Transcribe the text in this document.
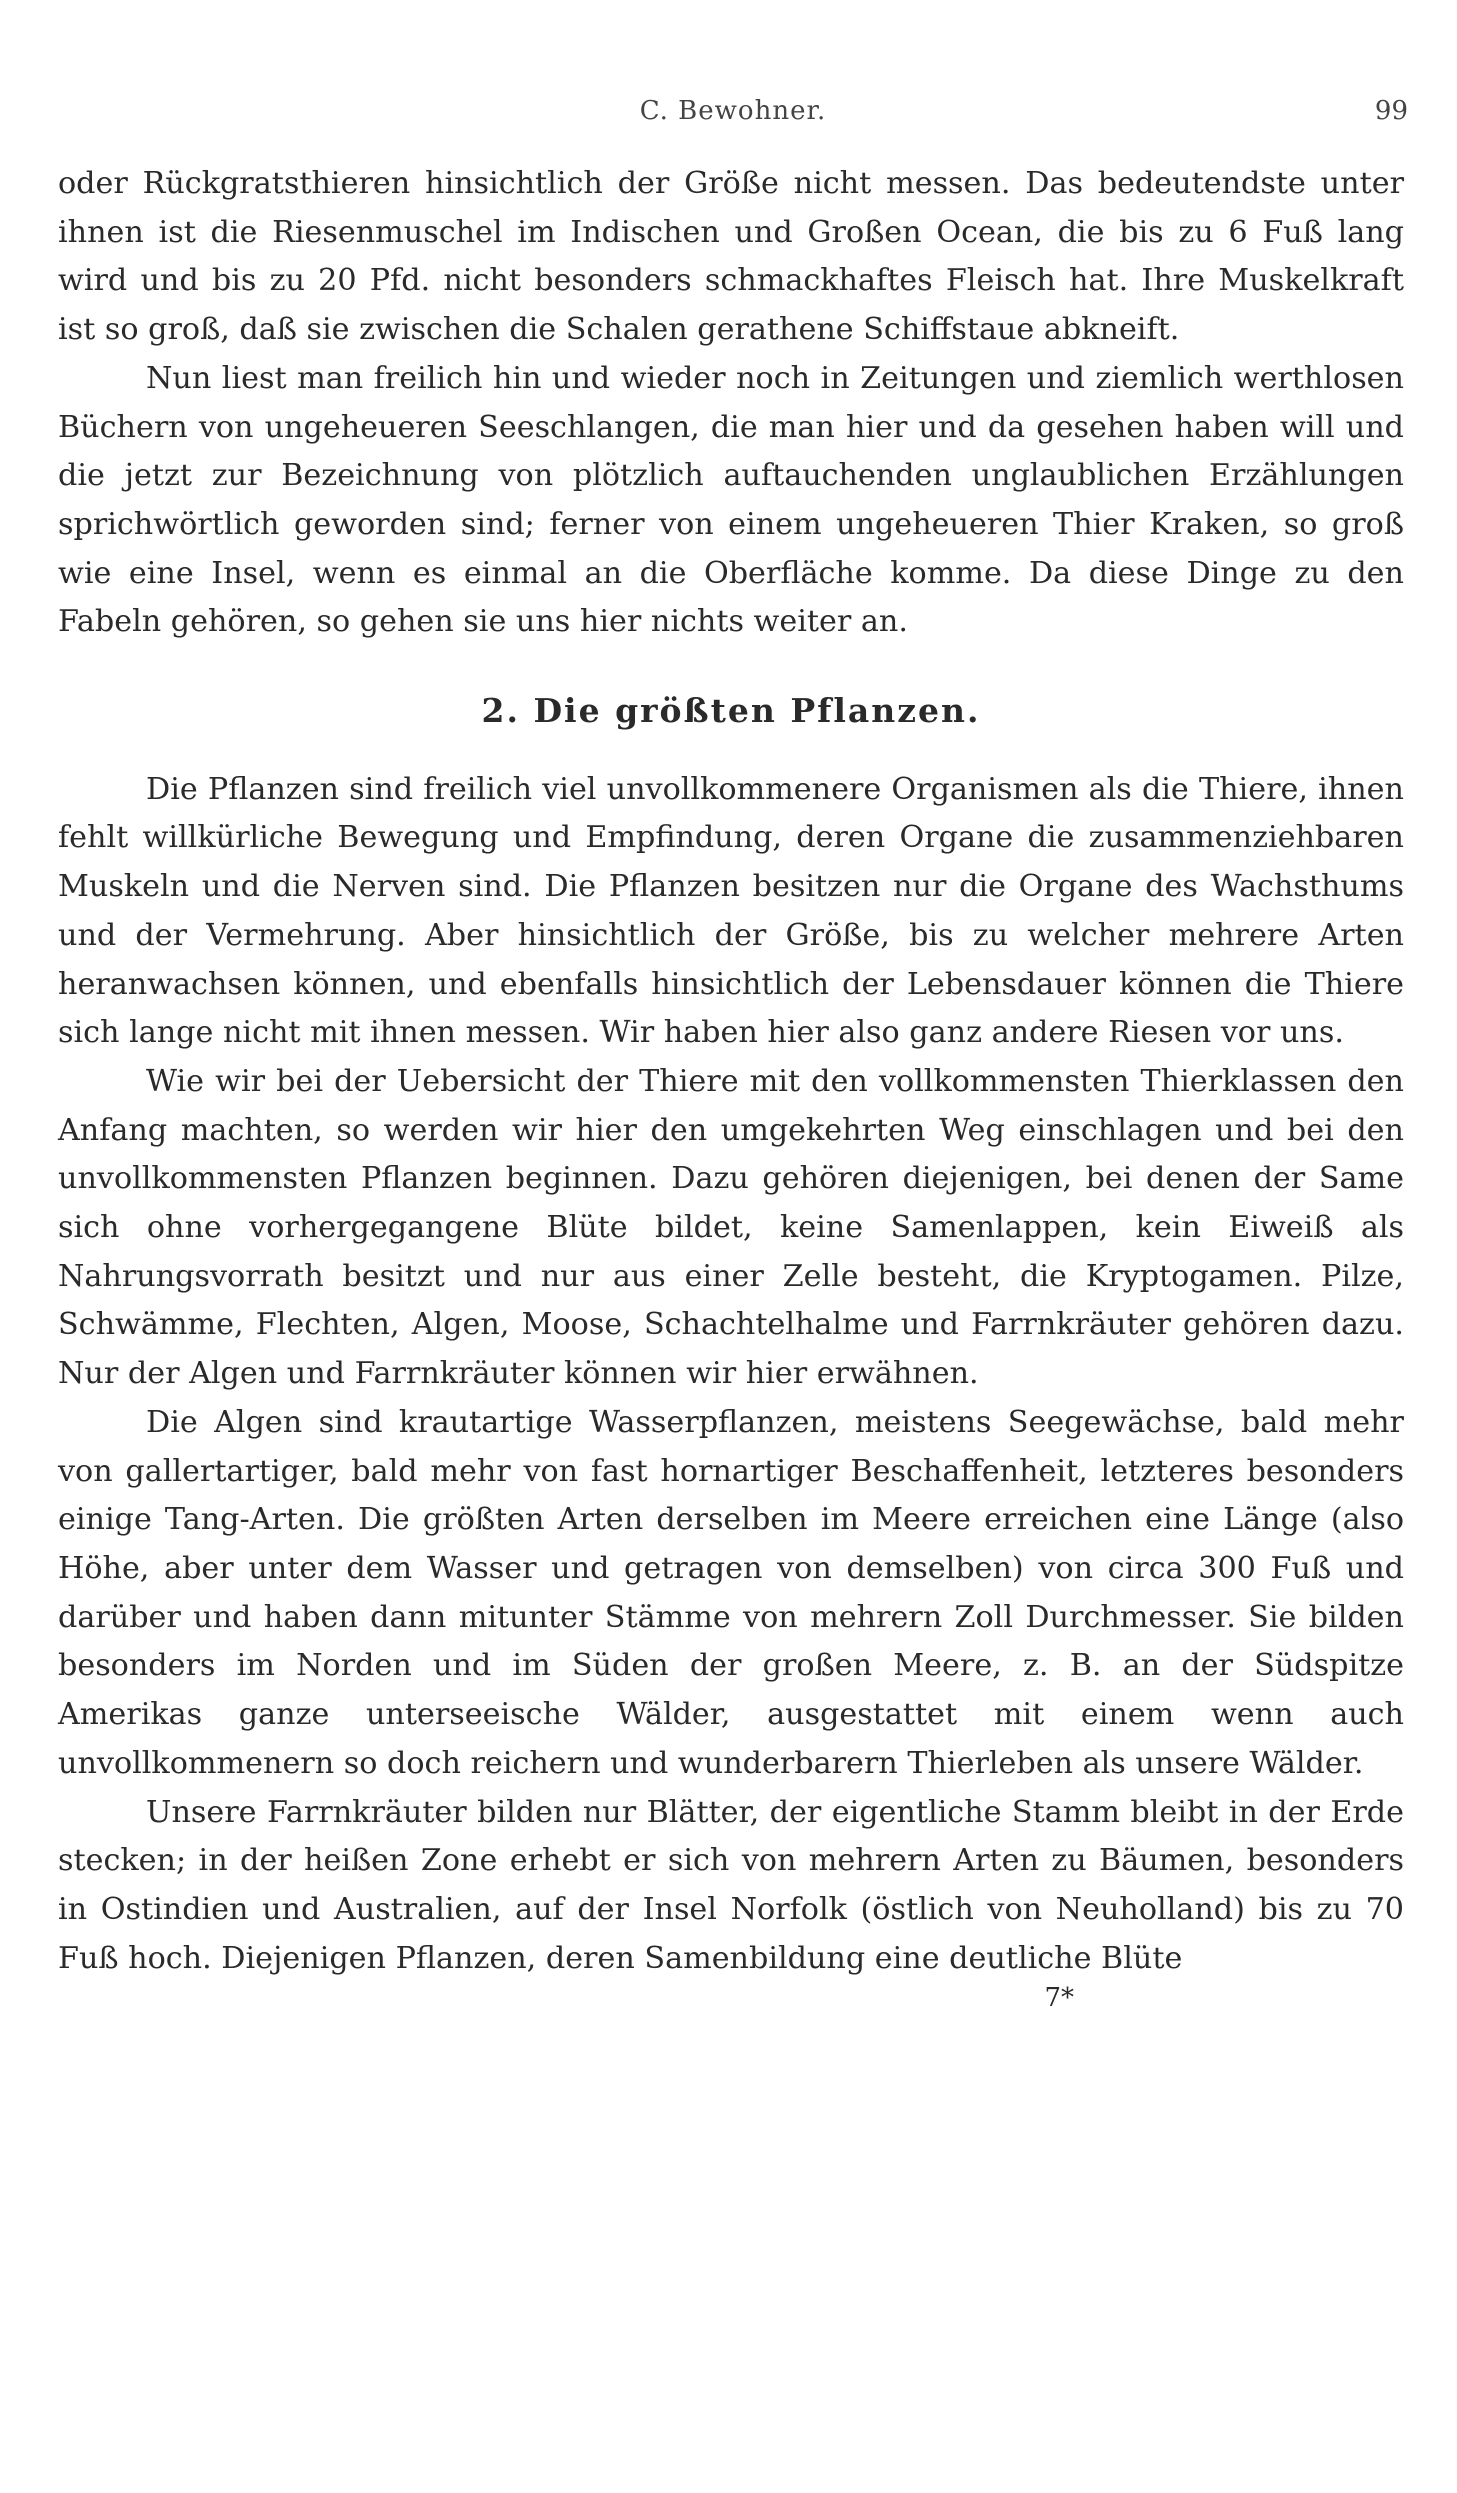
C. Bewohner.	99

oder Rückgratsthieren hinsichtlich der Größe nicht messen. Das bedeutendste unter ihnen ist die Riesenmuschel im Indischen und Großen Ocean, die bis zu 6 Fuß lang wird und bis zu 20 Pfd. nicht besonders schmackhaftes Fleisch hat. Ihre Muskelkraft ist so groß, daß sie zwischen die Schalen gerathene Schiffstaue abkneift.

Nun liest man freilich hin und wieder noch in Zeitungen und ziemlich werthlosen Büchern von ungeheueren Seeschlangen, die man hier und da gesehen haben will und die jetzt zur Bezeichnung von plötzlich auftauchenden unglaublichen Erzählungen sprichwörtlich geworden sind; ferner von einem ungeheueren Thier Kraken, so groß wie eine Insel, wenn es einmal an die Oberfläche komme. Da diese Dinge zu den Fabeln gehören, so gehen sie uns hier nichts weiter an.

2. Die größten Pflanzen.

Die Pflanzen sind freilich viel unvollkommenere Organismen als die Thiere, ihnen fehlt willkürliche Bewegung und Empfindung, deren Organe die zusammenziehbaren Muskeln und die Nerven sind. Die Pflanzen besitzen nur die Organe des Wachsthums und der Vermehrung. Aber hinsichtlich der Größe, bis zu welcher mehrere Arten heranwachsen können, und ebenfalls hinsichtlich der Lebensdauer können die Thiere sich lange nicht mit ihnen messen. Wir haben hier also ganz andere Riesen vor uns.

Wie wir bei der Uebersicht der Thiere mit den vollkommensten Thierklassen den Anfang machten, so werden wir hier den umgekehrten Weg einschlagen und bei den unvollkommensten Pflanzen beginnen. Dazu gehören diejenigen, bei denen der Same sich ohne vorhergegangene Blüte bildet, keine Samenlappen, kein Eiweiß als Nahrungsvorrath besitzt und nur aus einer Zelle besteht, die Kryptogamen. Pilze, Schwämme, Flechten, Algen, Moose, Schachtelhalme und Farrnkräuter gehören dazu. Nur der Algen und Farrnkräuter können wir hier erwähnen.

Die Algen sind krautartige Wasserpflanzen, meistens Seegewächse, bald mehr von gallertartiger, bald mehr von fast hornartiger Beschaffenheit, letzteres besonders einige Tang-Arten. Die größten Arten derselben im Meere erreichen eine Länge (also Höhe, aber unter dem Wasser und getragen von demselben) von circa 300 Fuß und darüber und haben dann mitunter Stämme von mehrern Zoll Durchmesser. Sie bilden besonders im Norden und im Süden der großen Meere, z. B. an der Südspitze Amerikas ganze unterseeische Wälder, ausgestattet mit einem wenn auch unvollkommenern so doch reichern und wunderbarern Thierleben als unsere Wälder.

Unsere Farrnkräuter bilden nur Blätter, der eigentliche Stamm bleibt in der Erde stecken; in der heißen Zone erhebt er sich von mehrern Arten zu Bäumen, besonders in Ostindien und Australien, auf der Insel Norfolk (östlich von Neuholland) bis zu 70 Fuß hoch. Diejenigen Pflanzen, deren Samenbildung eine deutliche Blüte

7*
